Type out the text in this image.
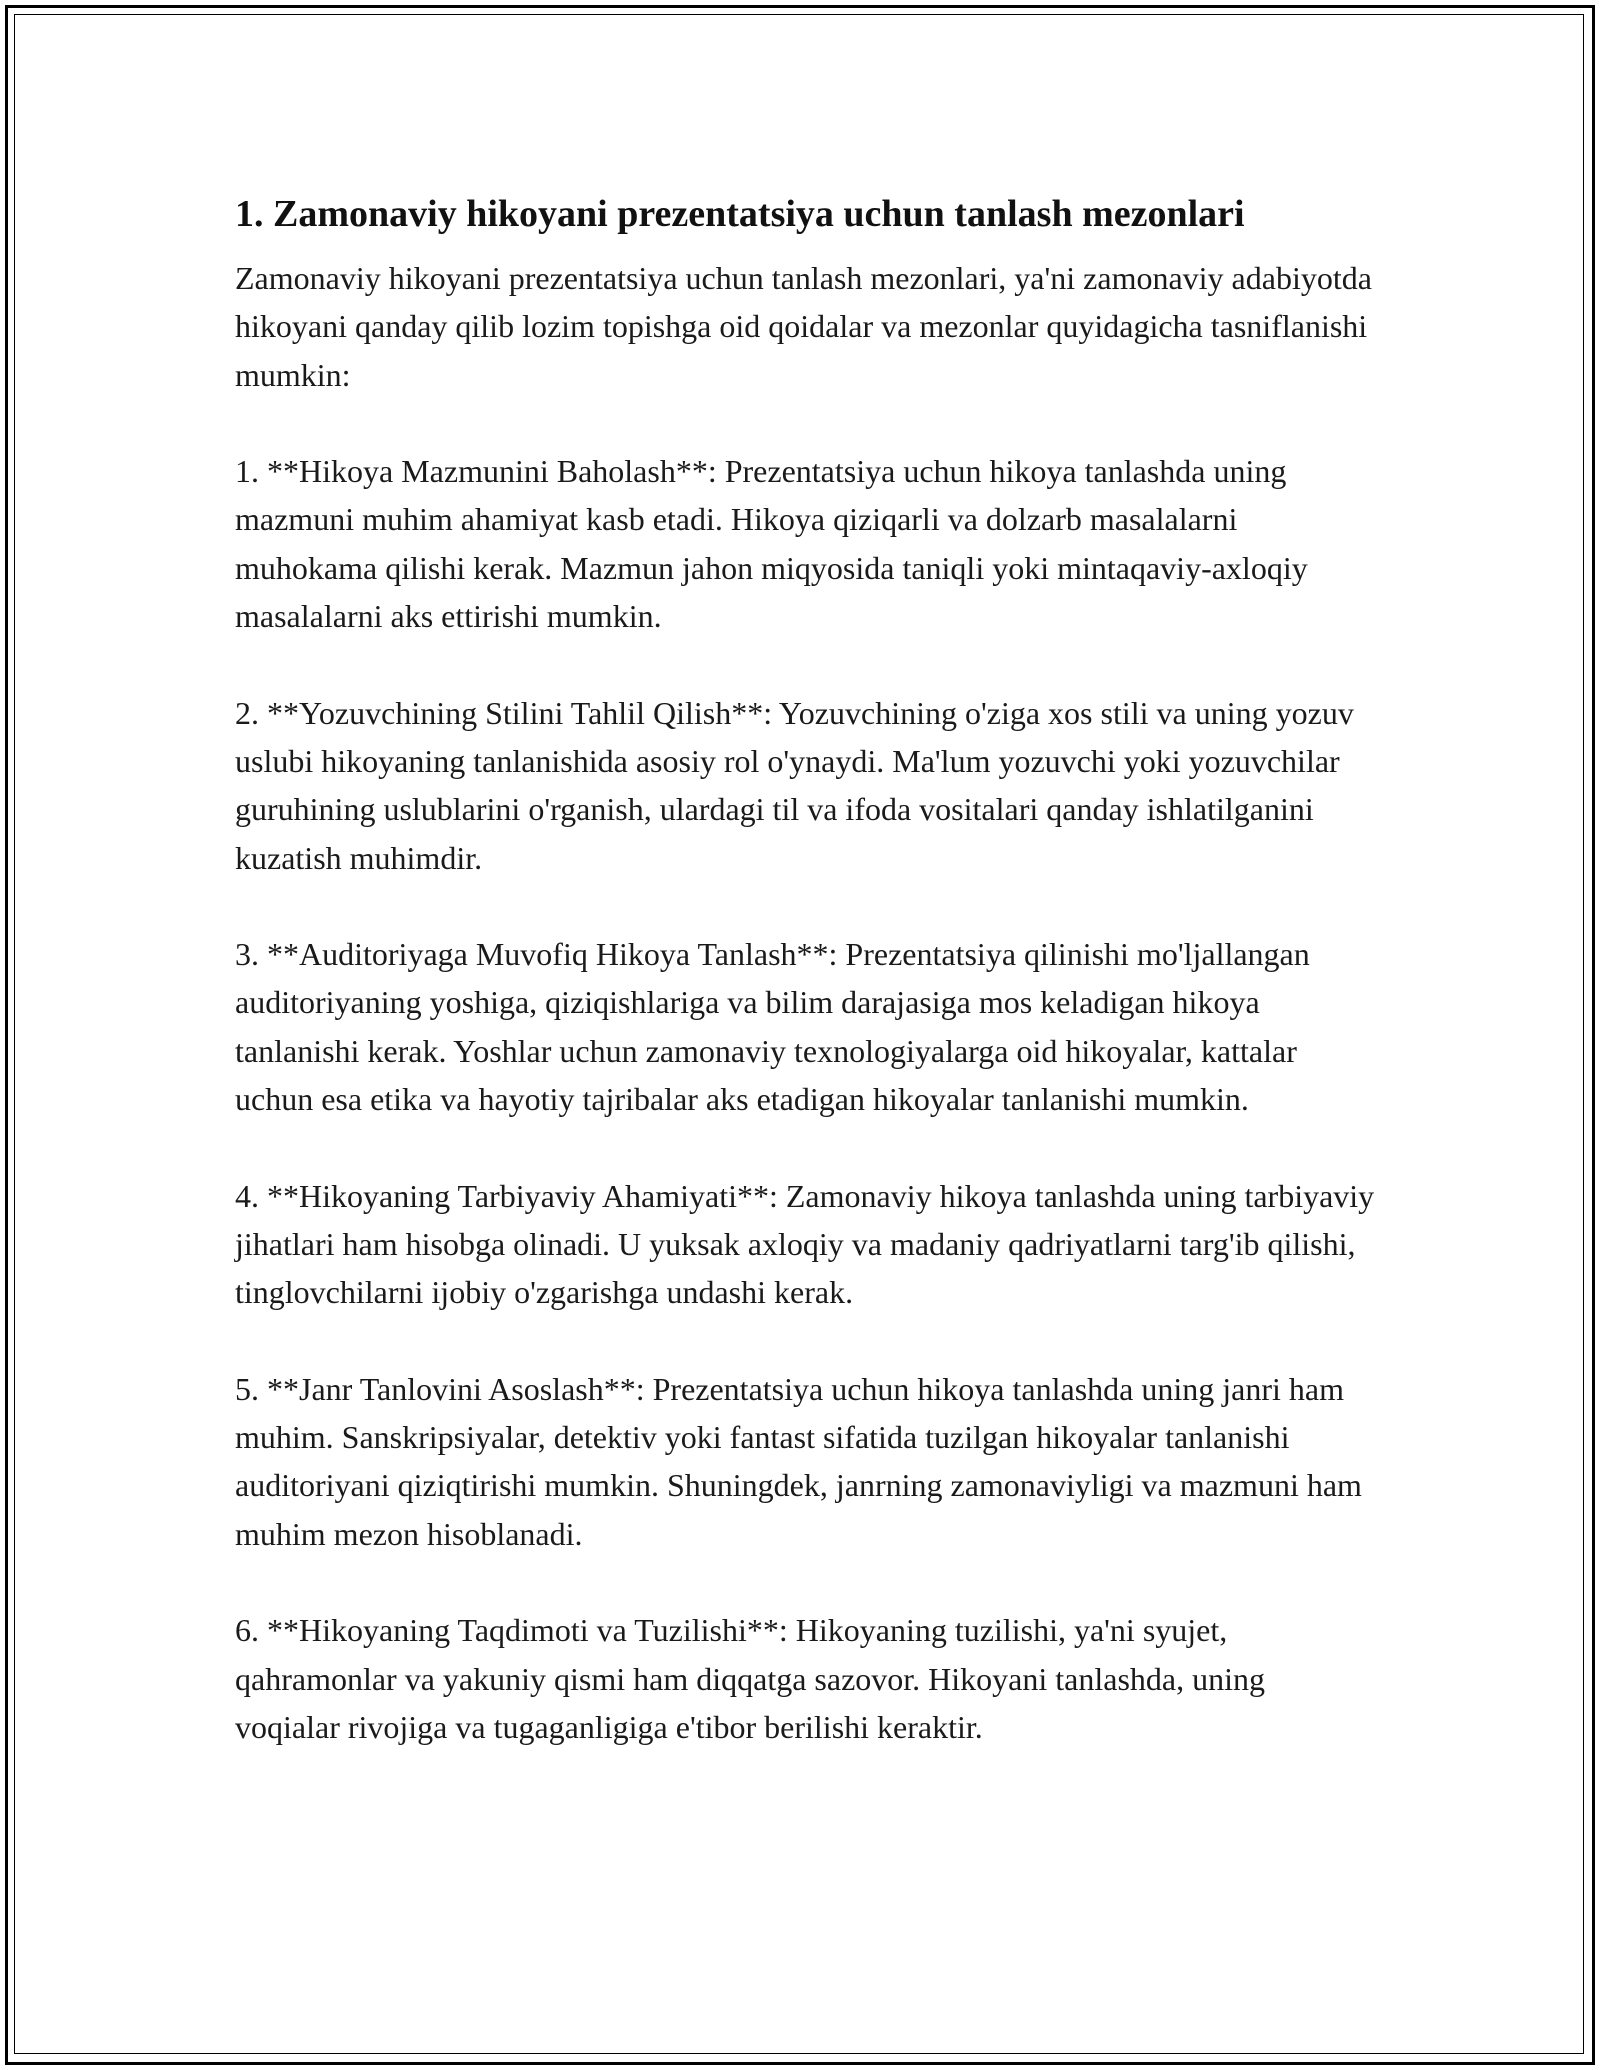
1. Zamonaviy hikoyani prezentatsiya uchun tanlash mezonlari

Zamonaviy hikoyani prezentatsiya uchun tanlash mezonlari, ya'ni zamonaviy adabiyotda hikoyani qanday qilib lozim topishga oid qoidalar va mezonlar quyidagicha tasniflanishi mumkin:

1. **Hikoya Mazmunini Baholash**: Prezentatsiya uchun hikoya tanlashda uning mazmuni muhim ahamiyat kasb etadi. Hikoya qiziqarli va dolzarb masalalarni muhokama qilishi kerak. Mazmun jahon miqyosida taniqli yoki mintaqaviy-axloqiy masalalarni aks ettirishi mumkin.

2. **Yozuvchining Stilini Tahlil Qilish**: Yozuvchining o'ziga xos stili va uning yozuv uslubi hikoyaning tanlanishida asosiy rol o'ynaydi. Ma'lum yozuvchi yoki yozuvchilar guruhining uslublarini o'rganish, ulardagi til va ifoda vositalari qanday ishlatilganini kuzatish muhimdir.

3. **Auditoriyaga Muvofiq Hikoya Tanlash**: Prezentatsiya qilinishi mo'ljallangan auditoriyaning yoshiga, qiziqishlariga va bilim darajasiga mos keladigan hikoya tanlanishi kerak. Yoshlar uchun zamonaviy texnologiyalarga oid hikoyalar, kattalar uchun esa etika va hayotiy tajribalar aks etadigan hikoyalar tanlanishi mumkin.

4. **Hikoyaning Tarbiyaviy Ahamiyati**: Zamonaviy hikoya tanlashda uning tarbiyaviy jihatlari ham hisobga olinadi. U yuksak axloqiy va madaniy qadriyatlarni targ'ib qilishi, tinglovchilarni ijobiy o'zgarishga undashi kerak.

5. **Janr Tanlovini Asoslash**: Prezentatsiya uchun hikoya tanlashda uning janri ham muhim. Sanskripsiyalar, detektiv yoki fantast sifatida tuzilgan hikoyalar tanlanishi auditoriyani qiziqtirishi mumkin. Shuningdek, janrning zamonaviyligi va mazmuni ham muhim mezon hisoblanadi.

6. **Hikoyaning Taqdimoti va Tuzilishi**: Hikoyaning tuzilishi, ya'ni syujet, qahramonlar va yakuniy qismi ham diqqatga sazovor. Hikoyani tanlashda, uning voqialar rivojiga va tugaganligiga e'tibor berilishi keraktir.
